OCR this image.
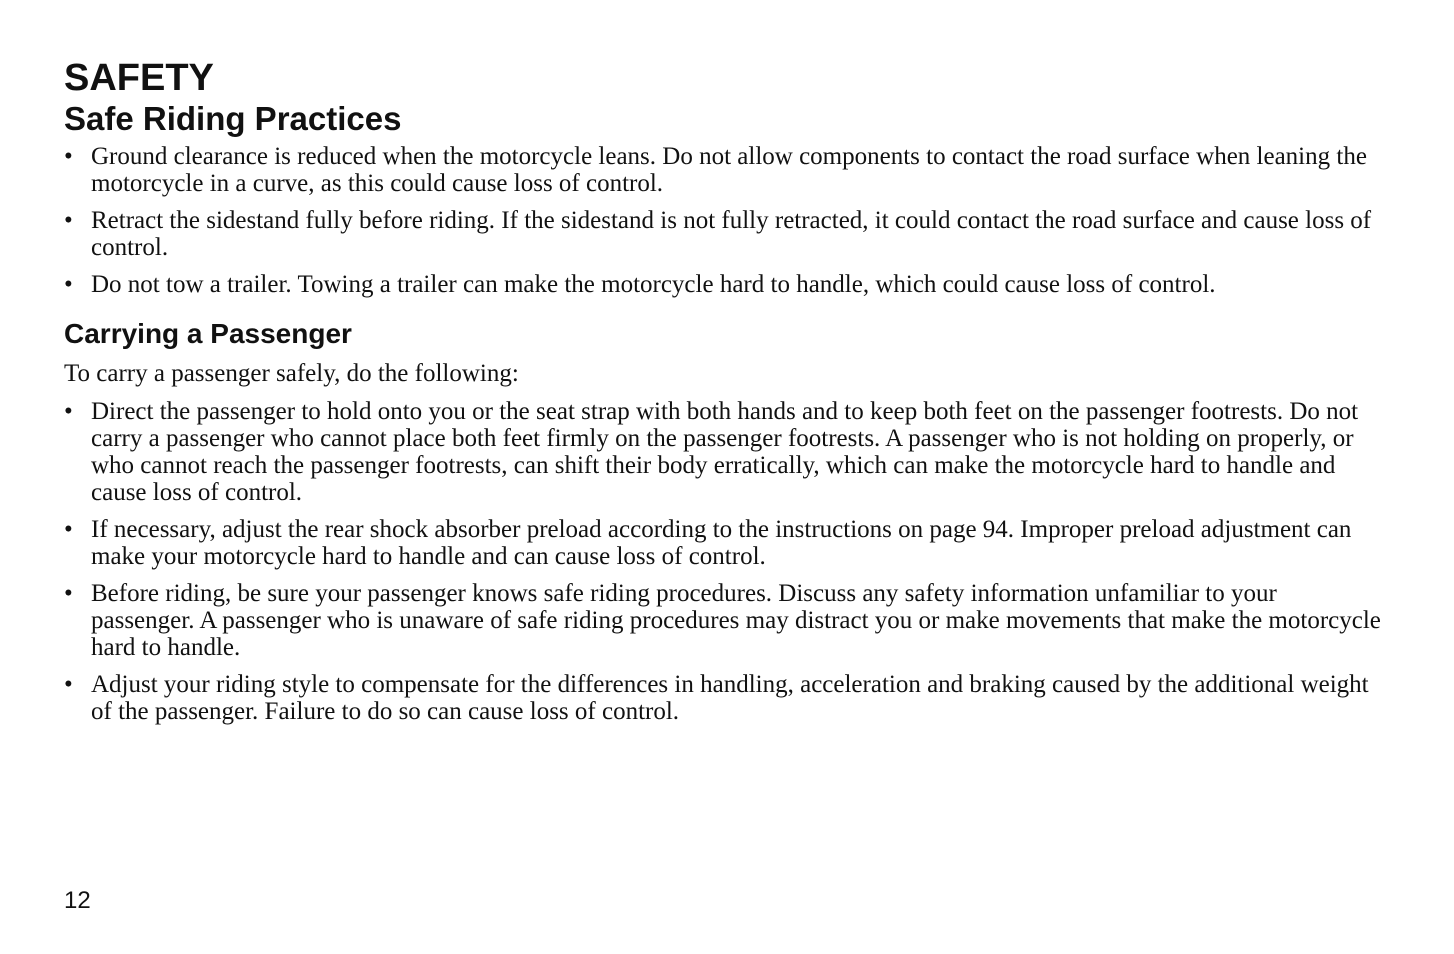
SAFETY
Safe Riding Practices
• Ground clearance is reduced when the motorcycle leans. Do not allow components to contact the road surface when leaning the motorcycle in a curve, as this could cause loss of control.
• Retract the sidestand fully before riding. If the sidestand is not fully retracted, it could contact the road surface and cause loss of control.
• Do not tow a trailer. Towing a trailer can make the motorcycle hard to handle, which could cause loss of control.
Carrying a Passenger

To carry a passenger safely, do the following:

• Direct the passenger to hold onto you or the seat strap with both hands and to keep both feet on the passenger footrests. Do not carry a passenger who cannot place both feet firmly on the passenger footrests. A passenger who is not holding on properly, or who cannot reach the passenger footrests, can shift their body erratically, which can make the motorcycle hard to handle and cause loss of control.
• If necessary, adjust the rear shock absorber preload according to the instructions on page 94. Improper preload adjustment can make your motorcycle hard to handle and can cause loss of control.
• Before riding, be sure your passenger knows safe riding procedures. Discuss any safety information unfamiliar to your passenger. A passenger who is unaware of safe riding procedures may distract you or make movements that make the motorcycle hard to handle.
• Adjust your riding style to compensate for the differences in handling, acceleration and braking caused by the additional weight of the passenger. Failure to do so can cause loss of control.
12
